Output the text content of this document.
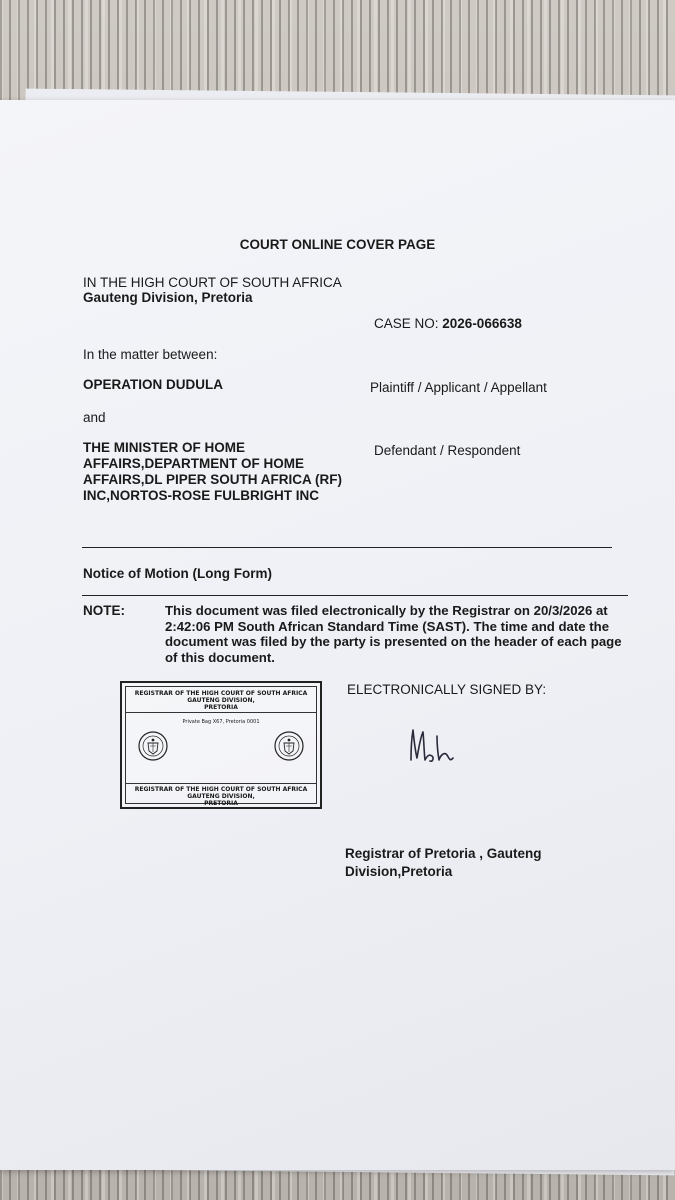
COURT ONLINE COVER PAGE

IN THE HIGH COURT OF SOUTH AFRICA

Gauteng Division, Pretoria

CASE NO: 2026-066638

In the matter between:

OPERATION DUDULA	Plaintiff / Applicant / Appellant

and

THE MINISTER OF HOME AFFAIRS,DEPARTMENT OF HOME AFFAIRS,DL PIPER SOUTH AFRICA (RF) INC,NORTOS-ROSE FULBRIGHT INC

Defendant / Respondent

Notice of Motion (Long Form)

NOTE:	This document was filed electronically by the Registrar on 20/3/2026 at 2:42:06 PM South African Standard Time (SAST). The time and date the document was filed by the party is presented on the header of each page of this document.

REGISTRAR OF THE HIGH COURT OF SOUTH AFRICA
GAUTENG DIVISION,
PRETORIA
Private Bag X67, Pretoria 0001
REGISTRAR OF THE HIGH COURT OF SOUTH AFRICA
GAUTENG DIVISION,
PRETORIA

ELECTRONICALLY SIGNED BY:

Registrar of Pretoria , Gauteng Division,Pretoria
